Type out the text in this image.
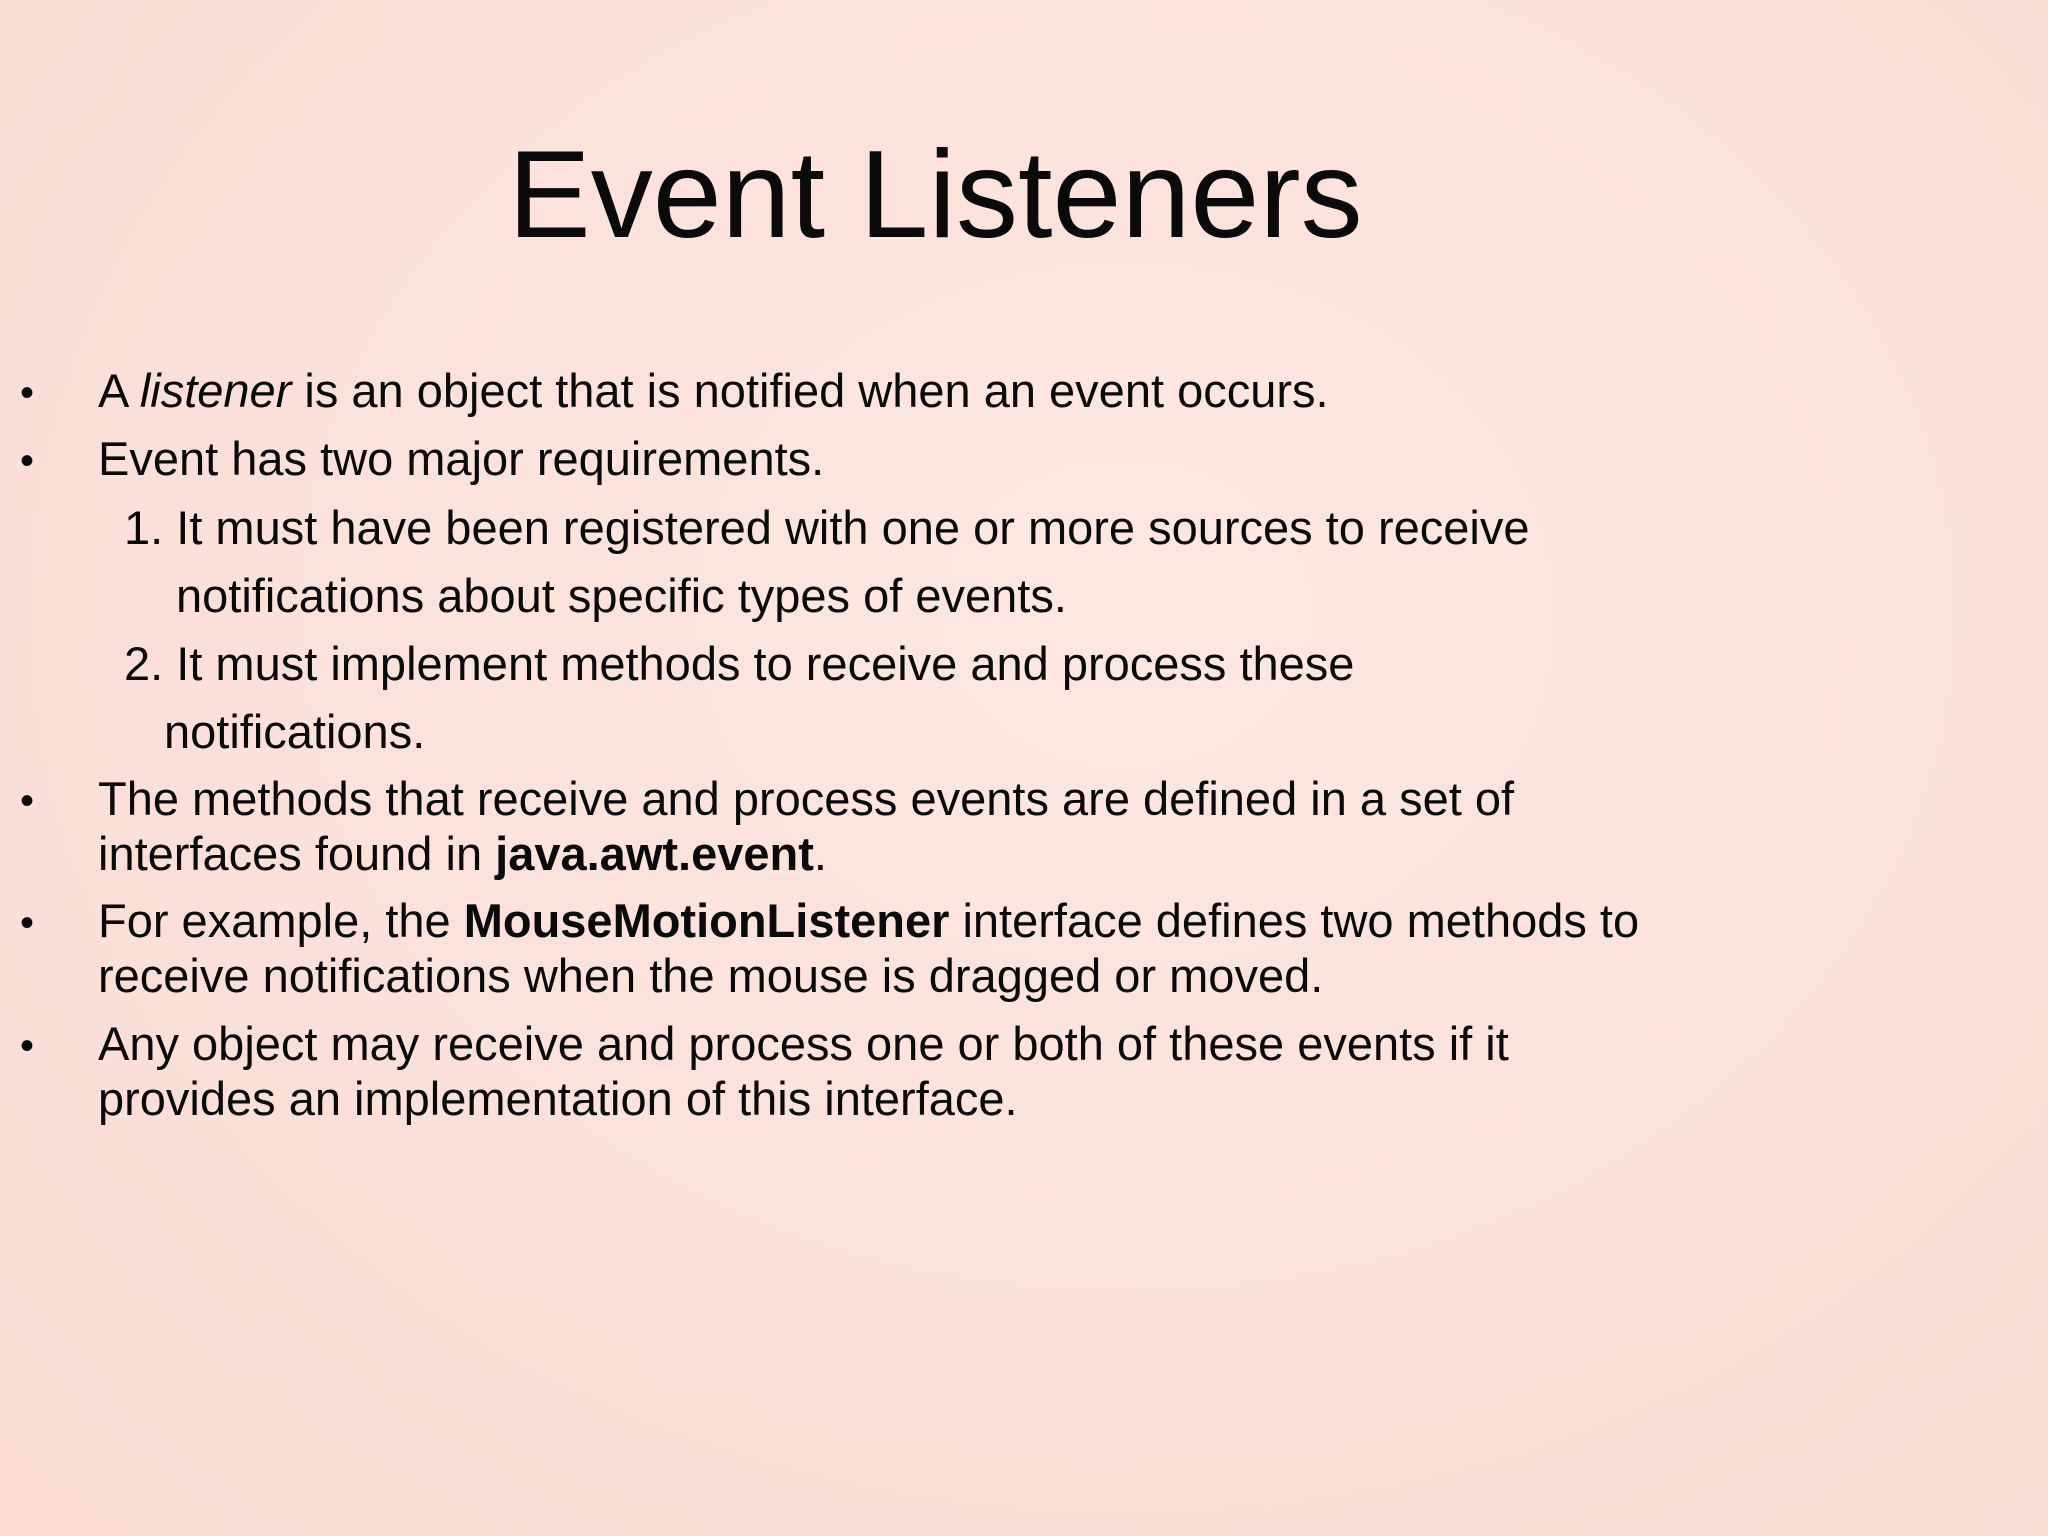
Event Listeners
•	A listener is an object that is notified when an event occurs.
•	Event has two major requirements.
1. It must have been registered with one or more sources to receive
notifications about specific types of events.
2. It must implement methods to receive and process these
notifications.
•	The methods that receive and process events are defined in a set of
interfaces found in java.awt.event.
•	For example, the MouseMotionListener interface defines two methods to
receive notifications when the mouse is dragged or moved.
•	Any object may receive and process one or both of these events if it
provides an implementation of this interface.
